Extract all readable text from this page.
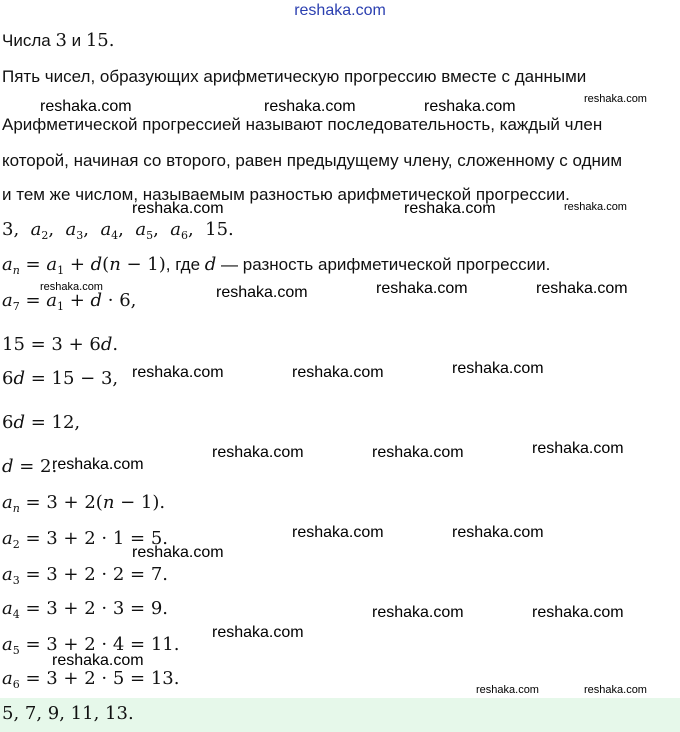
reshaka.com
Числа 3 и 15.
Пять чисел, образующих арифметическую прогрессию вместе с данными
Арифметической прогрессией называют последовательность, каждый член
которой, начиная со второго, равен предыдущему члену, сложенному с одним
и тем же числом, называемым разностью арифметической прогрессии.
3,  $a_2$,  $a_3$,  $a_4$,  $a_5$,  $a_6$,  15.
$a_n = a_1 + d(n - 1)$, где d — разность арифметической прогрессии.
$a_7 = a_1 + d \cdot 6$,
15 = 3 + 6d.
6d = 15 − 3,
6d = 12,
d = 2.
$a_n = 3 + 2(n - 1)$.
$a_2 = 3 + 2 \cdot 1 = 5$.
$a_3 = 3 + 2 \cdot 2 = 7$.
$a_4 = 3 + 2 \cdot 3 = 9$.
$a_5 = 3 + 2 \cdot 4 = 11$.
$a_6 = 3 + 2 \cdot 5 = 13$.
5, 7, 9, 11, 13.
reshaka.com	reshaka.com	reshaka.com	reshaka.com
reshaka.com	reshaka.com	reshaka.com
reshaka.com	reshaka.com	reshaka.com	reshaka.com
reshaka.com	reshaka.com	reshaka.com
reshaka.com	reshaka.com	reshaka.com
reshaka.com
reshaka.com	reshaka.com
reshaka.com
reshaka.com	reshaka.com
reshaka.com
reshaka.com
reshaka.com	reshaka.com
